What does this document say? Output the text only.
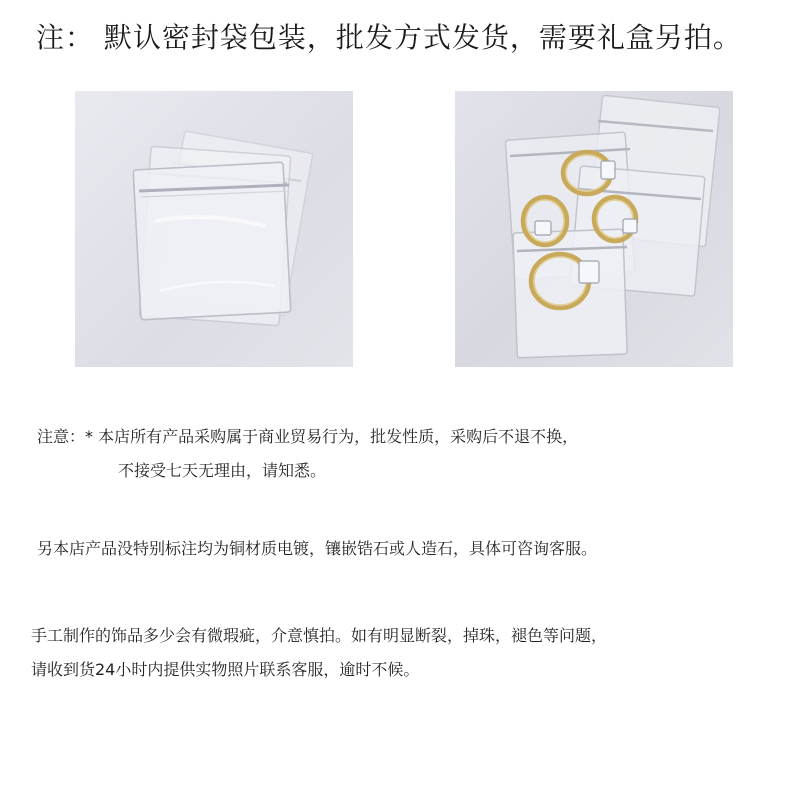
注： 默认密封袋包装，批发方式发货，需要礼盒另拍。
注意：* 本店所有产品采购属于商业贸易行为，批发性质，采购后不退不换，
不接受七天无理由，请知悉。
另本店产品没特别标注均为铜材质电镀，镶嵌锆石或人造石，具体可咨询客服。
手工制作的饰品多少会有微瑕疵，介意慎拍。如有明显断裂，掉珠，褪色等问题，
请收到货24小时内提供实物照片联系客服，逾时不候。
